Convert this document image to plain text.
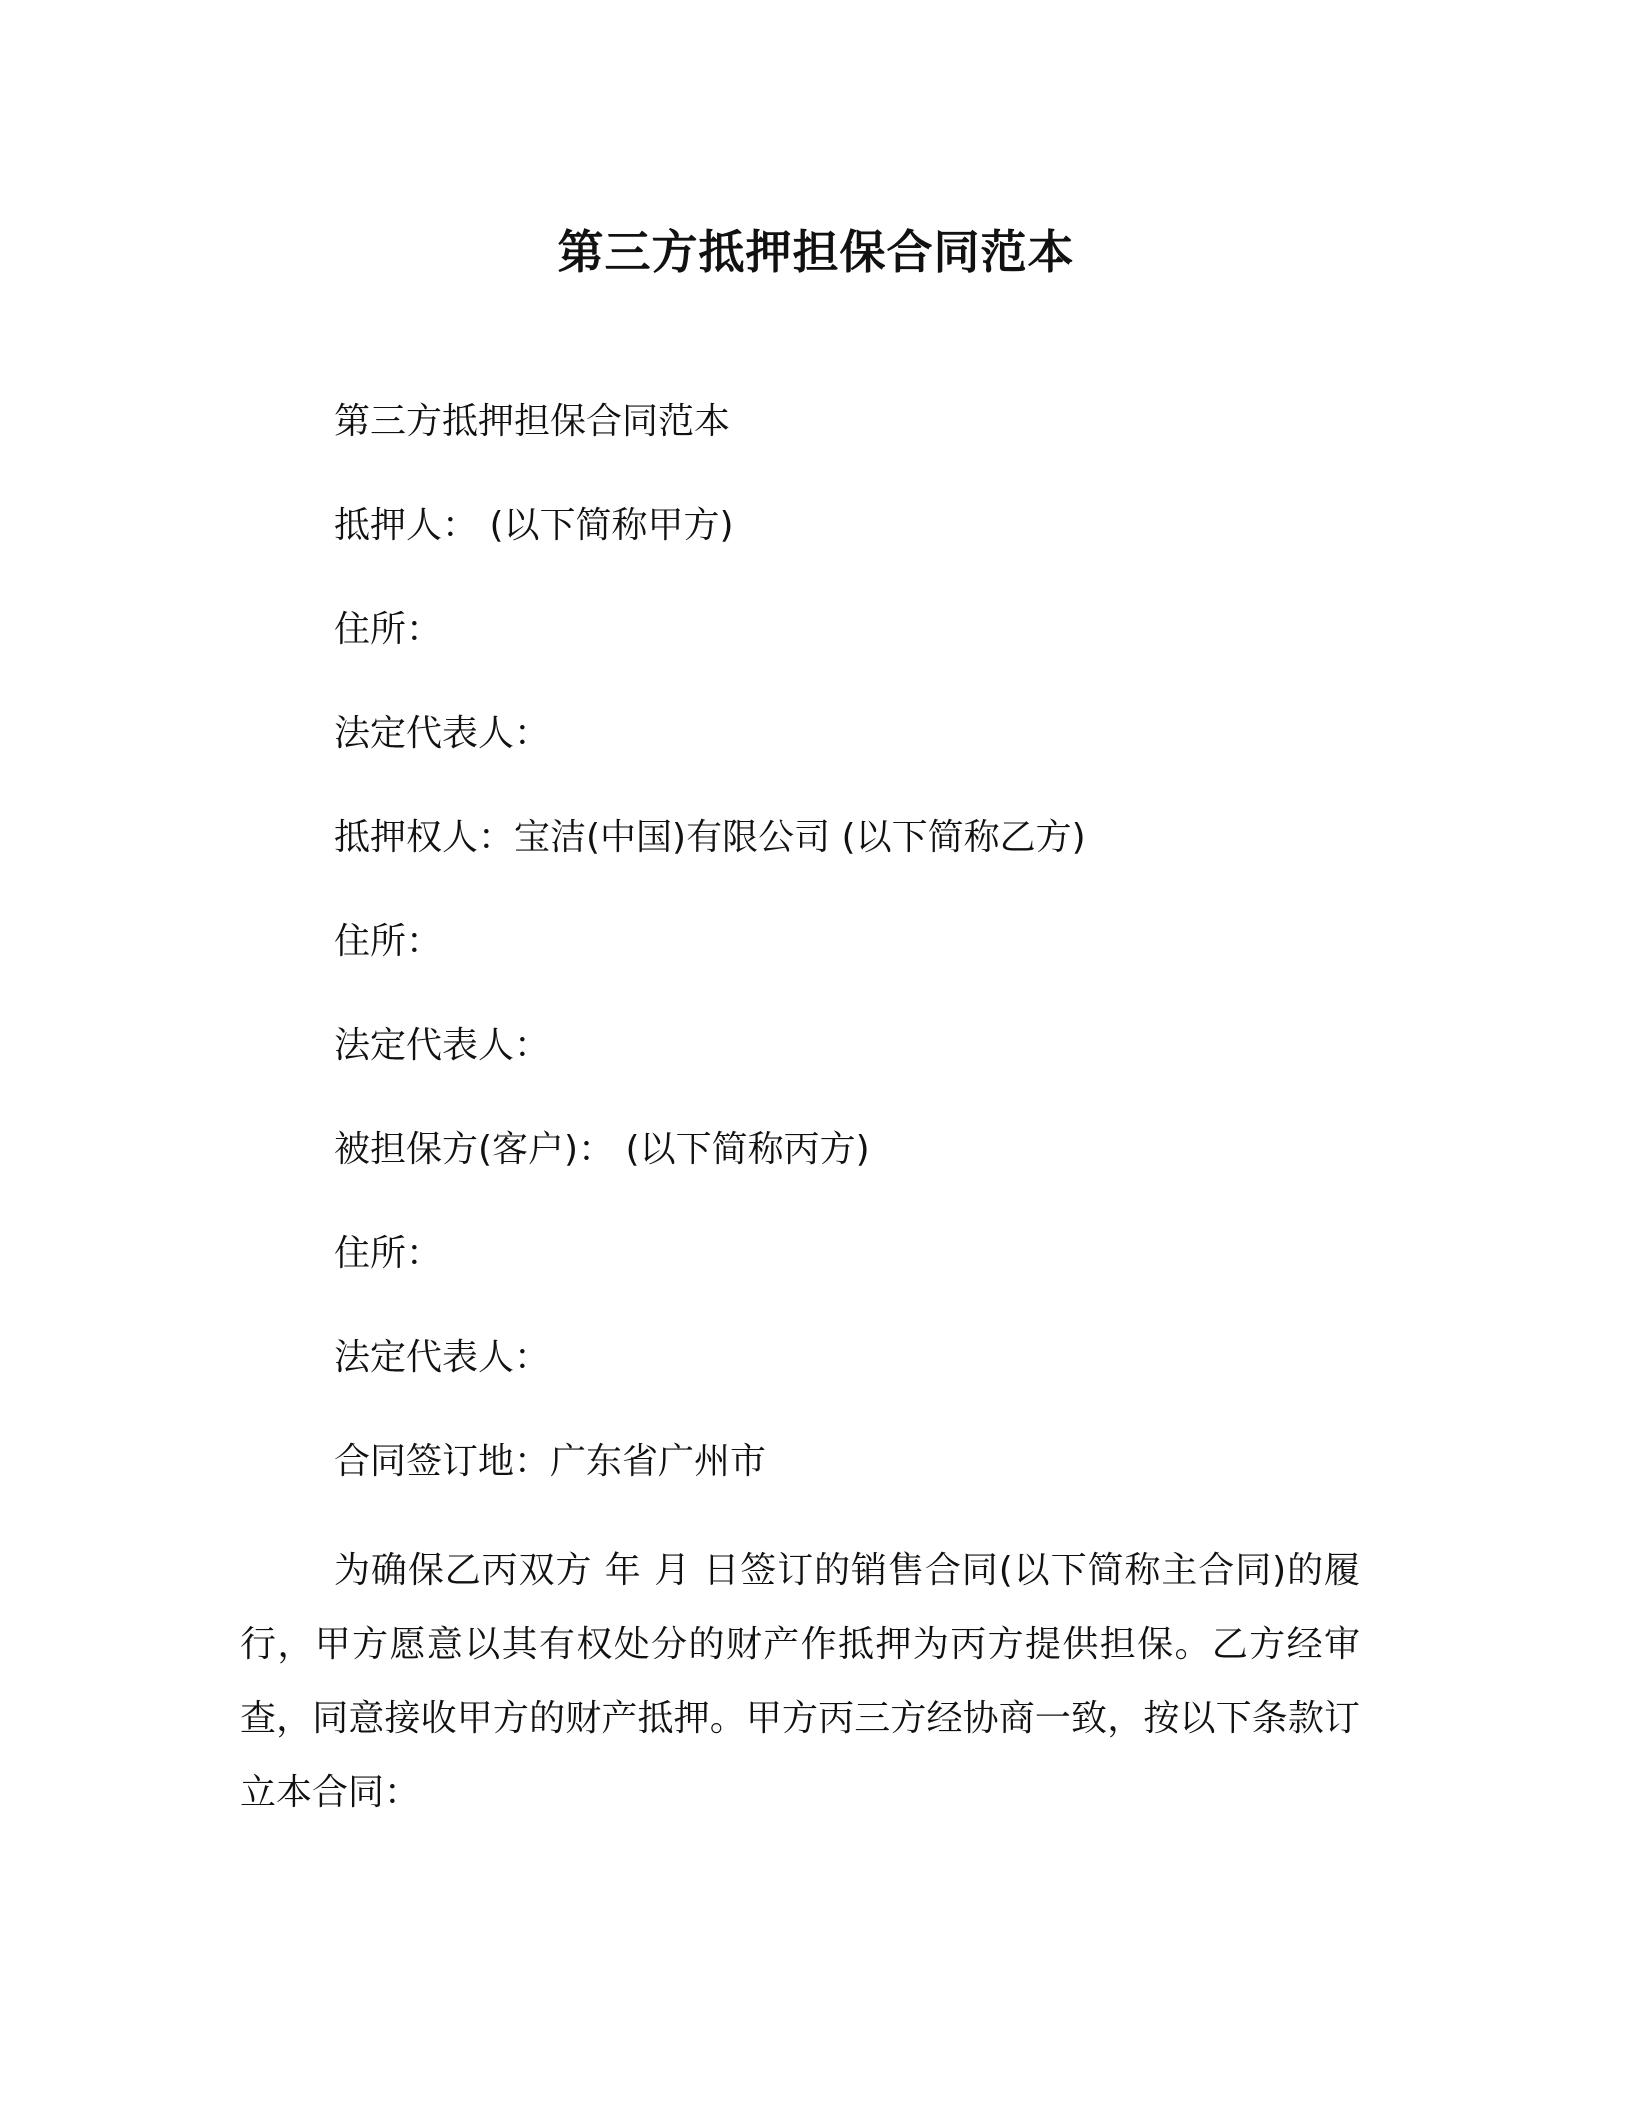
第三方抵押担保合同范本
第三方抵押担保合同范本
抵押人： (以下简称甲方)
住所：
法定代表人：
抵押权人：宝洁(中国)有限公司 (以下简称乙方)
住所：
法定代表人：
被担保方(客户)： (以下简称丙方)
住所：
法定代表人：
合同签订地：广东省广州市
为确保乙丙双方 年 月 日签订的销售合同(以下简称主合同)的履行，甲方愿意以其有权处分的财产作抵押为丙方提供担保。乙方经审查，同意接收甲方的财产抵押。甲方丙三方经协商一致，按以下条款订立本合同：
